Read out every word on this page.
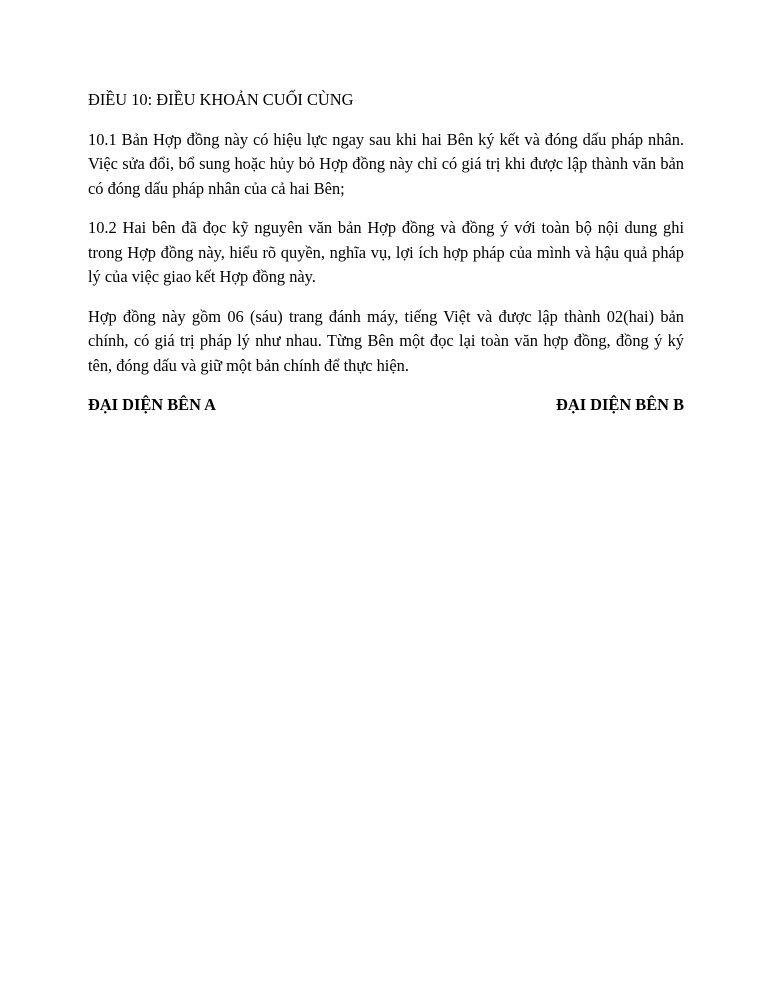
ĐIỀU 10: ĐIỀU KHOẢN CUỐI CÙNG

10.1 Bản Hợp đồng này có hiệu lực ngay sau khi hai Bên ký kết và đóng dấu pháp nhân. Việc sửa đổi, bổ sung hoặc hủy bỏ Hợp đồng này chỉ có giá trị khi được lập thành văn bản có đóng dấu pháp nhân của cả hai Bên;

10.2 Hai bên đã đọc kỹ nguyên văn bản Hợp đồng và đồng ý với toàn bộ nội dung ghi trong Hợp đồng này, hiểu rõ quyền, nghĩa vụ, lợi ích hợp pháp của mình và hậu quả pháp lý của việc giao kết Hợp đồng này.

Hợp đồng này gồm 06 (sáu) trang đánh máy, tiếng Việt và được lập thành 02(hai) bản chính, có giá trị pháp lý như nhau. Từng Bên một đọc lại toàn văn hợp đồng, đồng ý ký tên, đóng dấu và giữ một bản chính để thực hiện.

ĐẠI DIỆN BÊN A	ĐẠI DIỆN BÊN B
